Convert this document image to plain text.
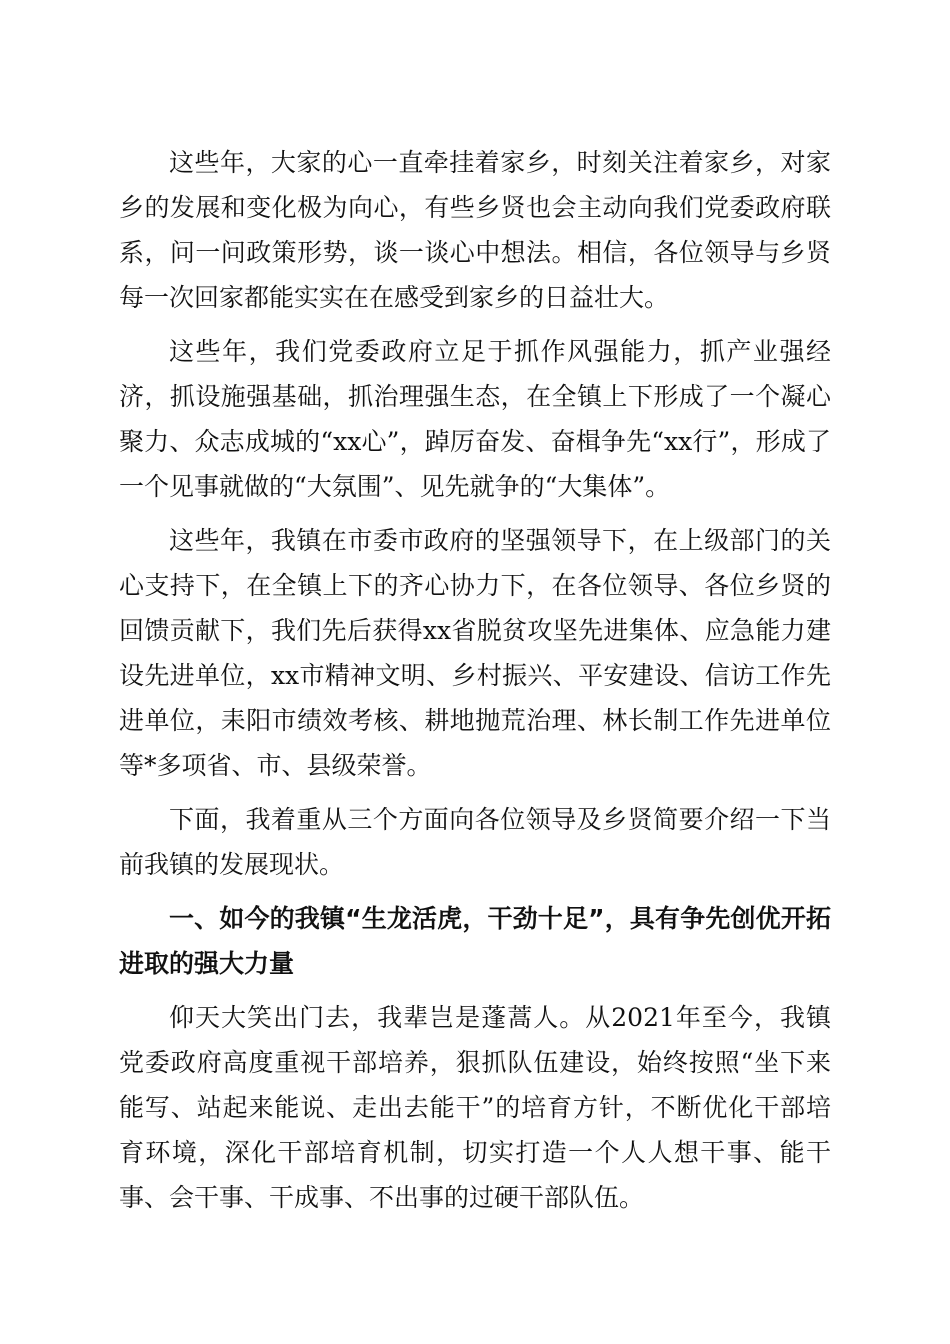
这些年，大家的心一直牵挂着家乡，时刻关注着家乡，对家乡的发展和变化极为向心，有些乡贤也会主动向我们党委政府联系，问一问政策形势，谈一谈心中想法。相信，各位领导与乡贤每一次回家都能实实在在感受到家乡的日益壮大。

这些年，我们党委政府立足于抓作风强能力，抓产业强经济，抓设施强基础，抓治理强生态，在全镇上下形成了一个凝心聚力、众志成城的“xx心”，踔厉奋发、奋楫争先“xx行”，形成了一个见事就做的“大氛围”、见先就争的“大集体”。

这些年，我镇在市委市政府的坚强领导下，在上级部门的关心支持下，在全镇上下的齐心协力下，在各位领导、各位乡贤的回馈贡献下，我们先后获得xx省脱贫攻坚先进集体、应急能力建设先进单位，xx市精神文明、乡村振兴、平安建设、信访工作先进单位，耒阳市绩效考核、耕地抛荒治理、林长制工作先进单位等*多项省、市、县级荣誉。

下面，我着重从三个方面向各位领导及乡贤简要介绍一下当前我镇的发展现状。

一、如今的我镇“生龙活虎，干劲十足”，具有争先创优开拓进取的强大力量

仰天大笑出门去，我辈岂是蓬蒿人。从2021年至今，我镇党委政府高度重视干部培养，狠抓队伍建设，始终按照“坐下来能写、站起来能说、走出去能干”的培育方针，不断优化干部培育环境，深化干部培育机制，切实打造一个人人想干事、能干事、会干事、干成事、不出事的过硬干部队伍。
